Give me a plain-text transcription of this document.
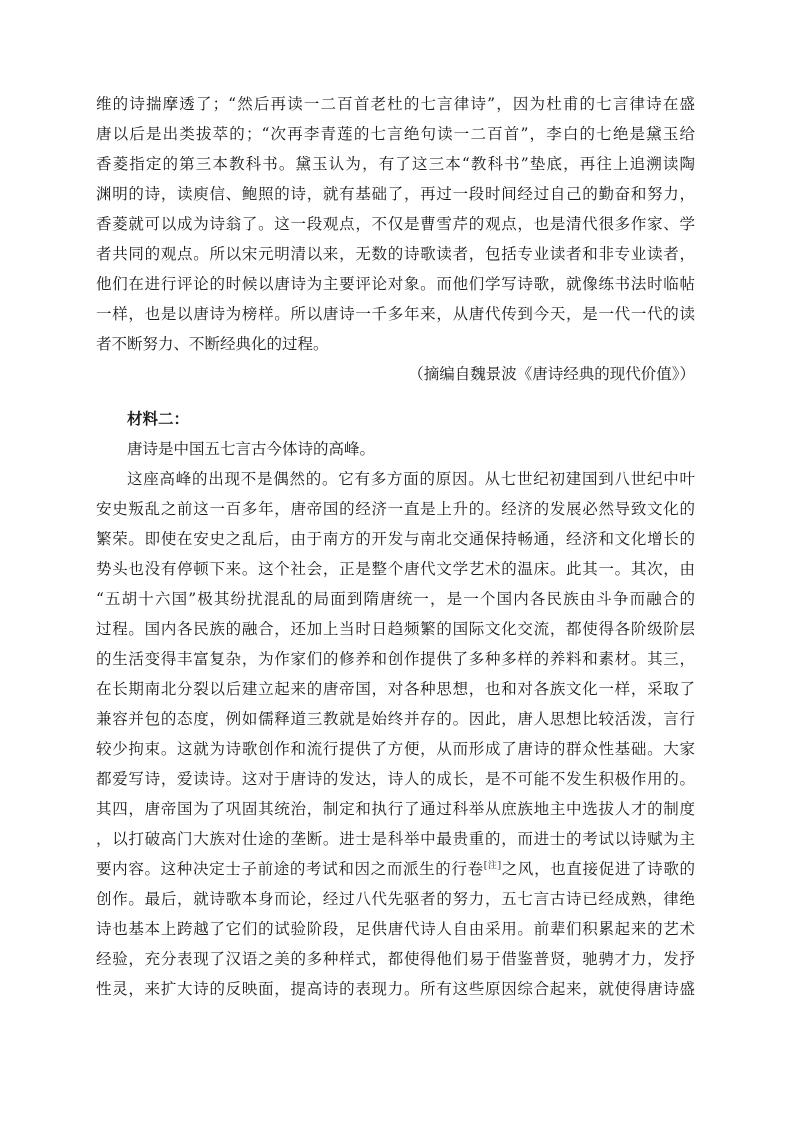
维的诗揣摩透了；“然后再读一二百首老杜的七言律诗”，因为杜甫的七言律诗在盛
唐以后是出类拔萃的；“次再李青莲的七言绝句读一二百首”，李白的七绝是黛玉给
香菱指定的第三本教科书。黛玉认为，有了这三本“教科书”垫底，再往上追溯读陶
渊明的诗，读庾信、鲍照的诗，就有基础了，再过一段时间经过自己的勤奋和努力，
香菱就可以成为诗翁了。这一段观点，不仅是曹雪芹的观点，也是清代很多作家、学
者共同的观点。所以宋元明清以来，无数的诗歌读者，包括专业读者和非专业读者，
他们在进行评论的时候以唐诗为主要评论对象。而他们学写诗歌，就像练书法时临帖
一样，也是以唐诗为榜样。所以唐诗一千多年来，从唐代传到今天，是一代一代的读
者不断努力、不断经典化的过程。
（摘编自魏景波《唐诗经典的现代价值》）
材料二：
唐诗是中国五七言古今体诗的高峰。
这座高峰的出现不是偶然的。它有多方面的原因。从七世纪初建国到八世纪中叶
安史叛乱之前这一百多年，唐帝国的经济一直是上升的。经济的发展必然导致文化的
繁荣。即使在安史之乱后，由于南方的开发与南北交通保持畅通，经济和文化增长的
势头也没有停顿下来。这个社会，正是整个唐代文学艺术的温床。此其一。其次，由
“五胡十六国”极其纷扰混乱的局面到隋唐统一，是一个国内各民族由斗争而融合的
过程。国内各民族的融合，还加上当时日趋频繁的国际文化交流，都使得各阶级阶层
的生活变得丰富复杂，为作家们的修养和创作提供了多种多样的养料和素材。其三，
在长期南北分裂以后建立起来的唐帝国，对各种思想，也和对各族文化一样，采取了
兼容并包的态度，例如儒释道三教就是始终并存的。因此，唐人思想比较活泼，言行
较少拘束。这就为诗歌创作和流行提供了方便，从而形成了唐诗的群众性基础。大家
都爱写诗，爱读诗。这对于唐诗的发达，诗人的成长，是不可能不发生积极作用的。
其四，唐帝国为了巩固其统治，制定和执行了通过科举从庶族地主中选拔人才的制度
，以打破高门大族对仕途的垄断。进士是科举中最贵重的，而进士的考试以诗赋为主
要内容。这种决定士子前途的考试和因之而派生的行卷[注]之风，也直接促进了诗歌的
创作。最后，就诗歌本身而论，经过八代先驱者的努力，五七言古诗已经成熟，律绝
诗也基本上跨越了它们的试验阶段，足供唐代诗人自由采用。前辈们积累起来的艺术
经验，充分表现了汉语之美的多种样式，都使得他们易于借鉴普贤，驰骋才力，发抒
性灵，来扩大诗的反映面，提高诗的表现力。所有这些原因综合起来，就使得唐诗盛
